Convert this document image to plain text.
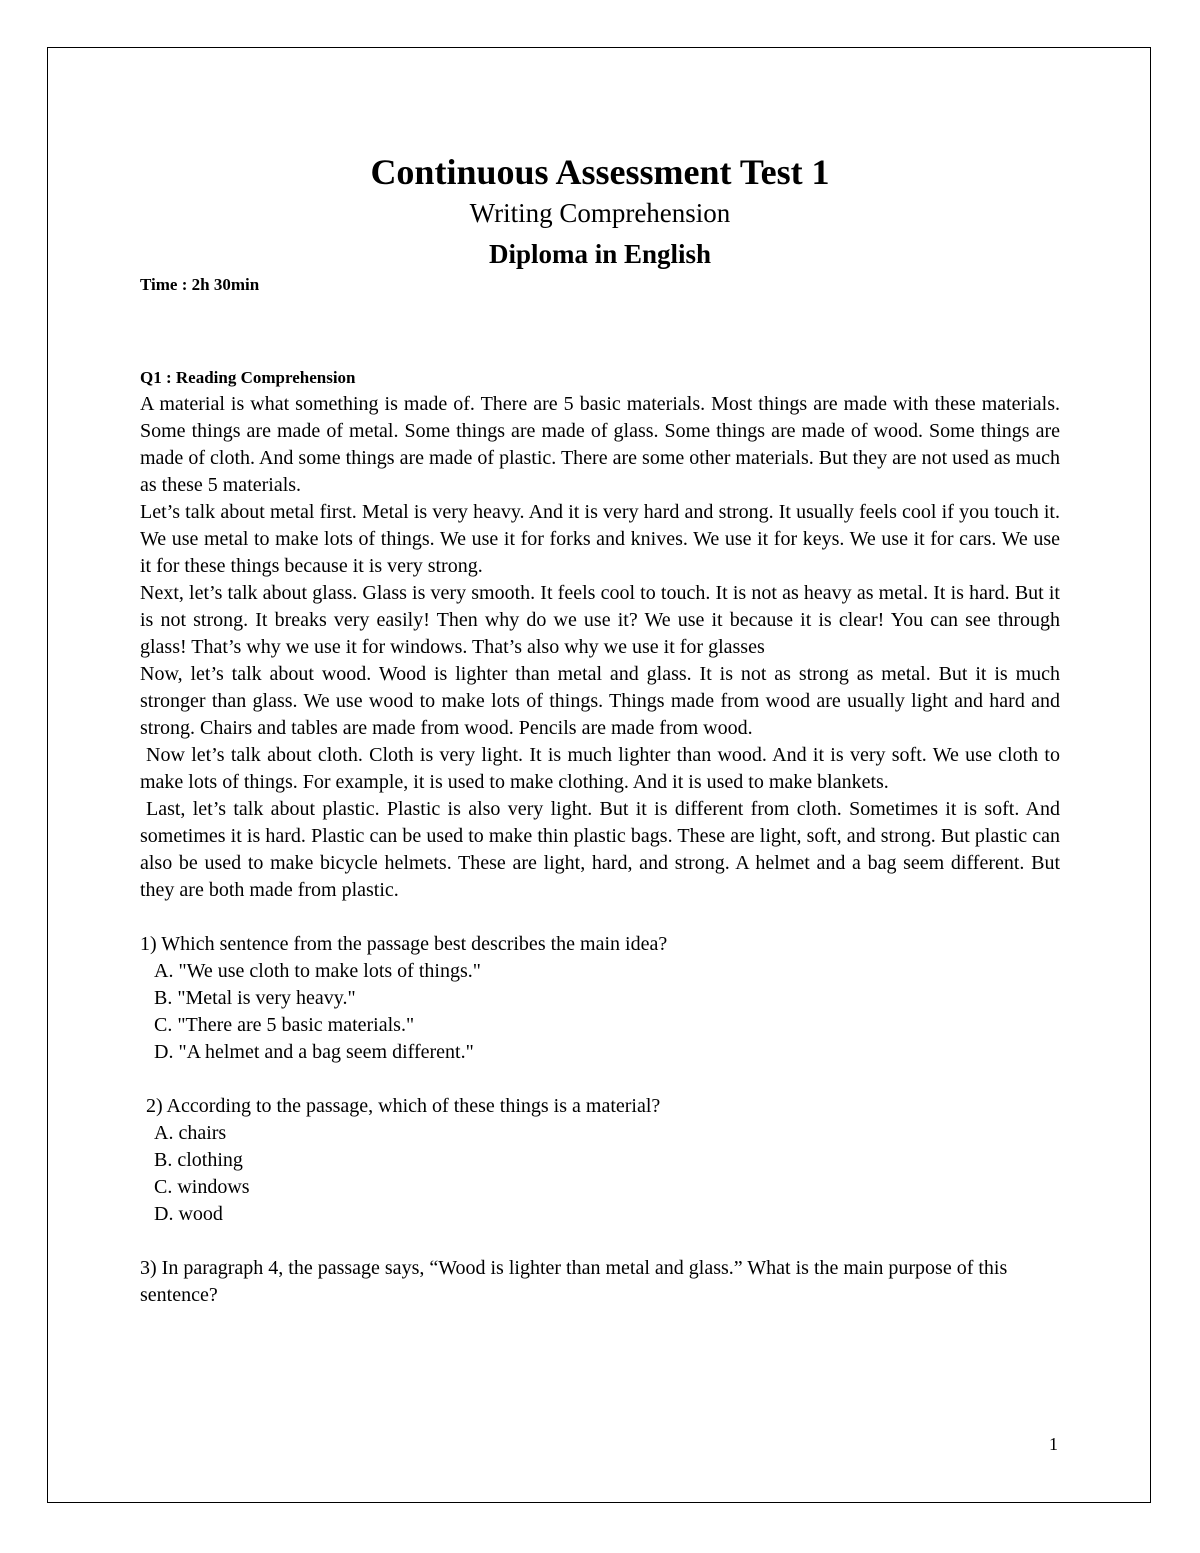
Continuous Assessment Test 1
Writing Comprehension
Diploma in English
Time : 2h 30min

Q1 : Reading Comprehension

A material is what something is made of. There are 5 basic materials. Most things are made with these materials. Some things are made of metal. Some things are made of glass. Some things are made of wood. Some things are made of cloth. And some things are made of plastic. There are some other materials. But they are not used as much as these 5 materials.

Let’s talk about metal first. Metal is very heavy. And it is very hard and strong. It usually feels cool if you touch it. We use metal to make lots of things. We use it for forks and knives. We use it for keys. We use it for cars. We use it for these things because it is very strong.

Next, let’s talk about glass. Glass is very smooth. It feels cool to touch. It is not as heavy as metal. It is hard. But it is not strong. It breaks very easily! Then why do we use it? We use it because it is clear! You can see through glass! That’s why we use it for windows. That’s also why we use it for glasses

Now, let’s talk about wood. Wood is lighter than metal and glass. It is not as strong as metal. But it is much stronger than glass. We use wood to make lots of things. Things made from wood are usually light and hard and strong. Chairs and tables are made from wood. Pencils are made from wood.

Now let’s talk about cloth. Cloth is very light. It is much lighter than wood. And it is very soft. We use cloth to make lots of things. For example, it is used to make clothing. And it is used to make blankets.

Last, let’s talk about plastic. Plastic is also very light. But it is different from cloth. Sometimes it is soft. And sometimes it is hard. Plastic can be used to make thin plastic bags. These are light, soft, and strong. But plastic can also be used to make bicycle helmets. These are light, hard, and strong. A helmet and a bag seem different. But they are both made from plastic.

1) Which sentence from the passage best describes the main idea?

A. "We use cloth to make lots of things."

B. "Metal is very heavy."

C. "There are 5 basic materials."

D. "A helmet and a bag seem different."

2) According to the passage, which of these things is a material?

A. chairs

B. clothing

C. windows

D. wood

3) In paragraph 4, the passage says, “Wood is lighter than metal and glass.” What is the main purpose of this sentence?

1
